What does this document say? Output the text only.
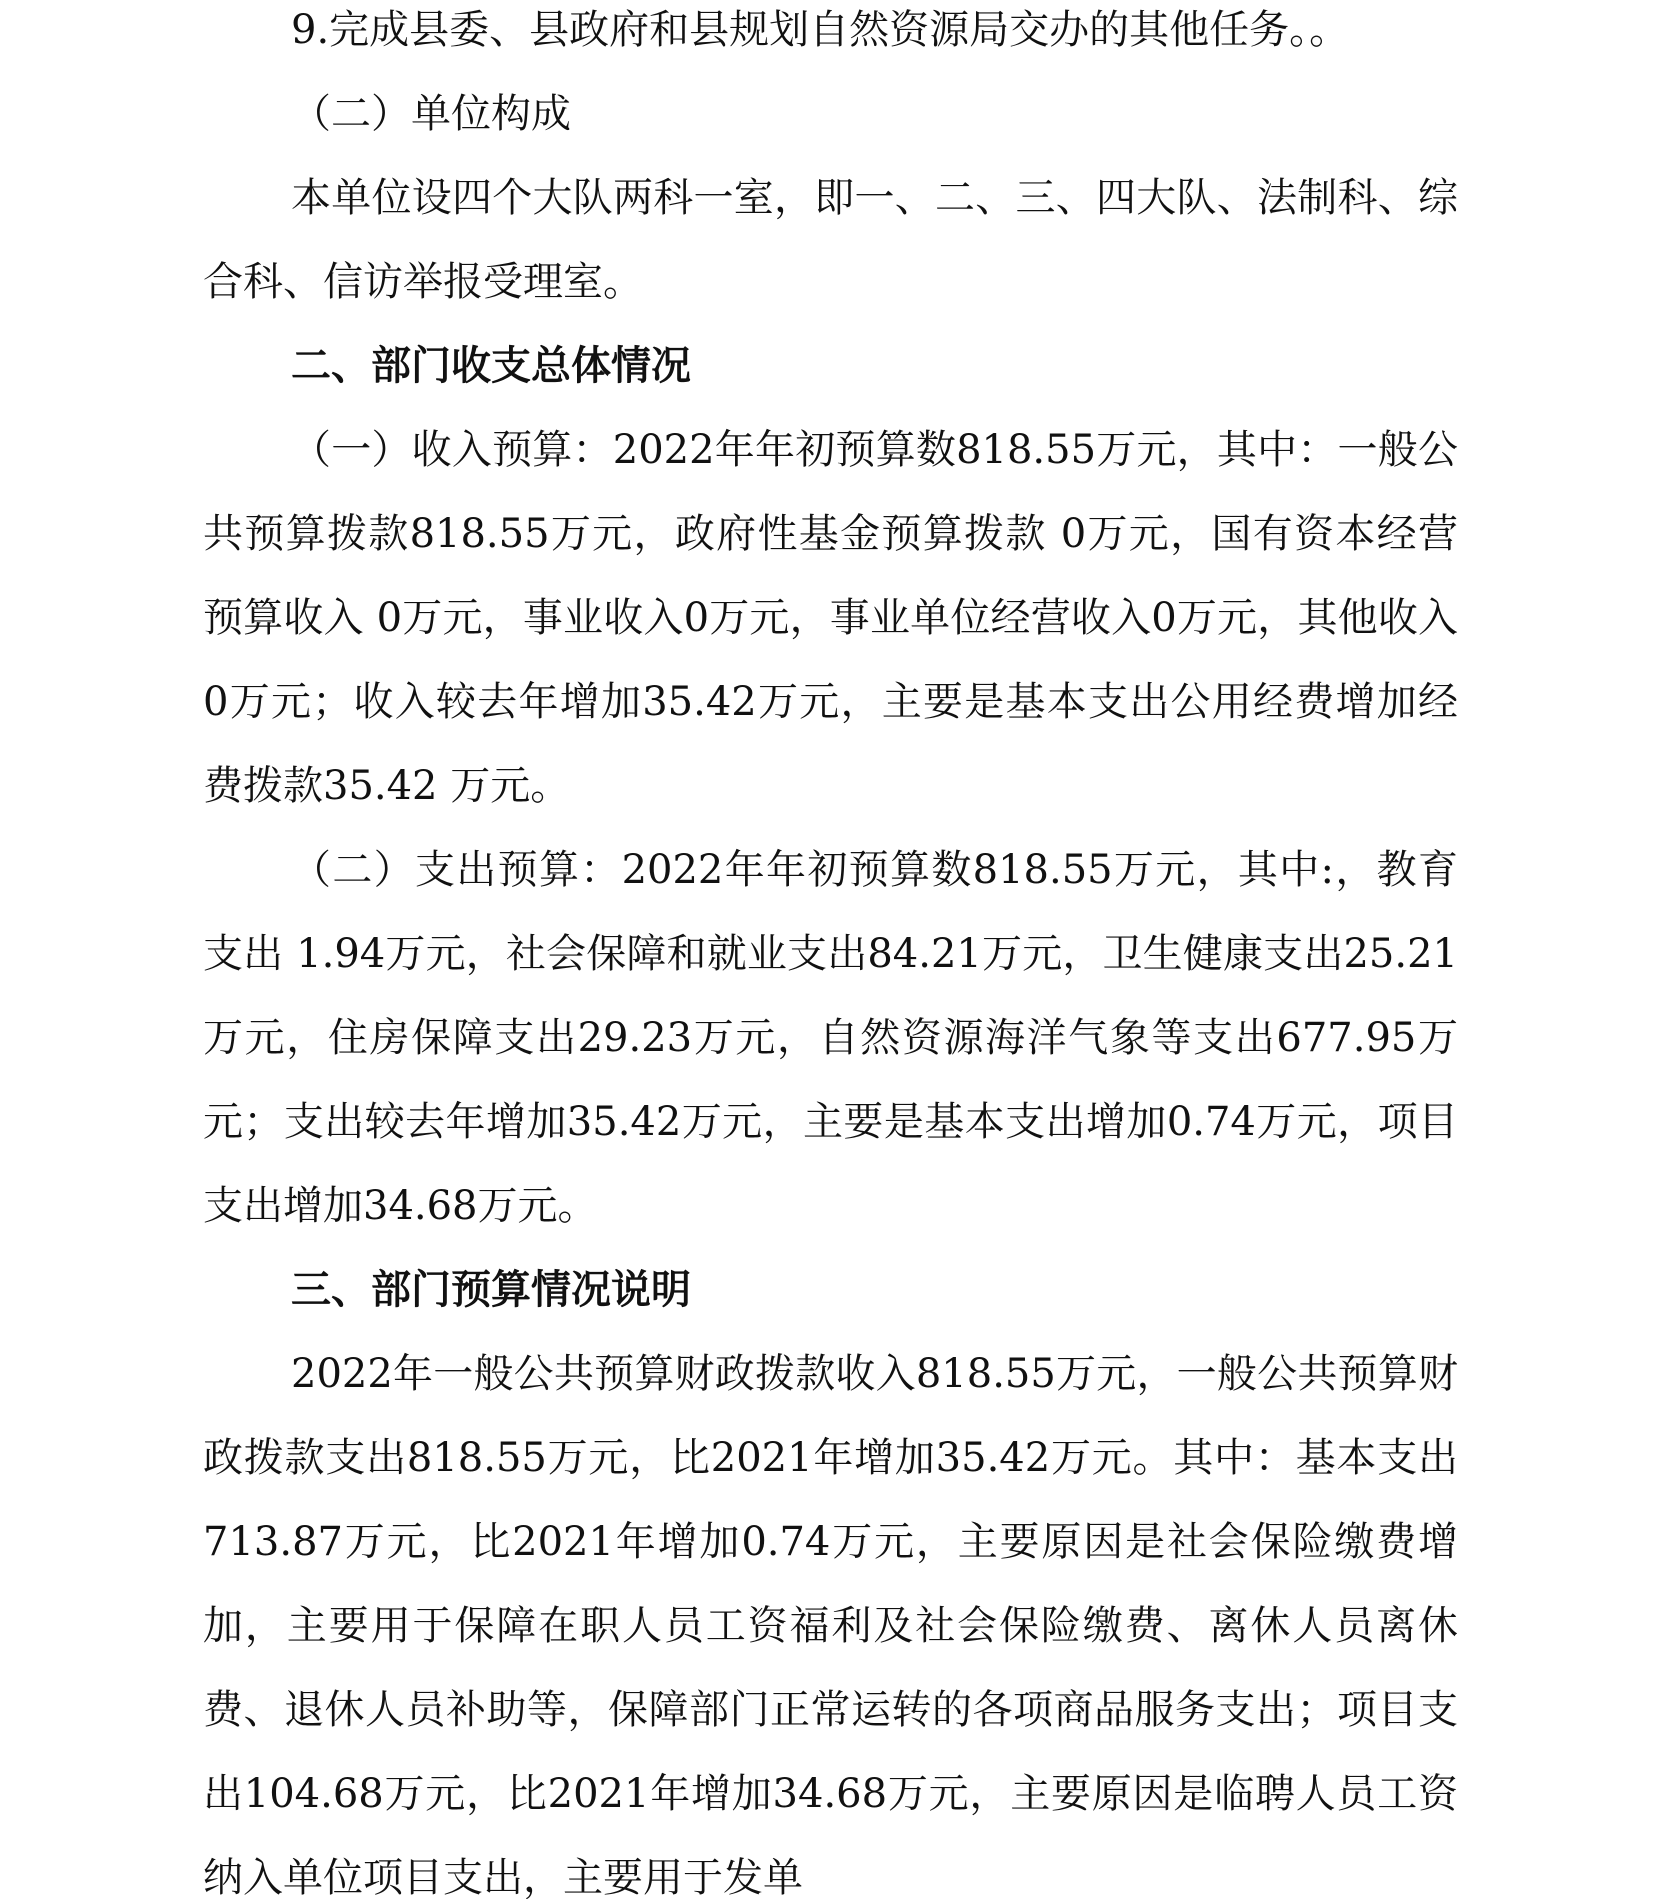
9.完成县委、县政府和县规划自然资源局交办的其他任务。。

（二）单位构成

本单位设四个大队两科一室，即一、二、三、四大队、法制科、综合科、信访举报受理室。

二、部门收支总体情况

（一）收入预算：2022年年初预算数818.55万元，其中：一般公共预算拨款818.55万元，政府性基金预算拨款 0万元，国有资本经营预算收入 0万元，事业收入0万元，事业单位经营收入0万元，其他收入0万元；收入较去年增加35.42万元，主要是基本支出公用经费增加经费拨款35.42 万元。

（二）支出预算：2022年年初预算数818.55万元，其中:，教育支出 1.94万元，社会保障和就业支出84.21万元，卫生健康支出25.21万元，住房保障支出29.23万元，自然资源海洋气象等支出677.95万元；支出较去年增加35.42万元，主要是基本支出增加0.74万元，项目支出增加34.68万元。

三、部门预算情况说明

2022年一般公共预算财政拨款收入818.55万元，一般公共预算财政拨款支出818.55万元，比2021年增加35.42万元。其中：基本支出713.87万元，比2021年增加0.74万元，主要原因是社会保险缴费增加，主要用于保障在职人员工资福利及社会保险缴费、离休人员离休费、退休人员补助等，保障部门正常运转的各项商品服务支出；项目支出104.68万元，比2021年增加34.68万元，主要原因是临聘人员工资纳入单位项目支出，主要用于发单
